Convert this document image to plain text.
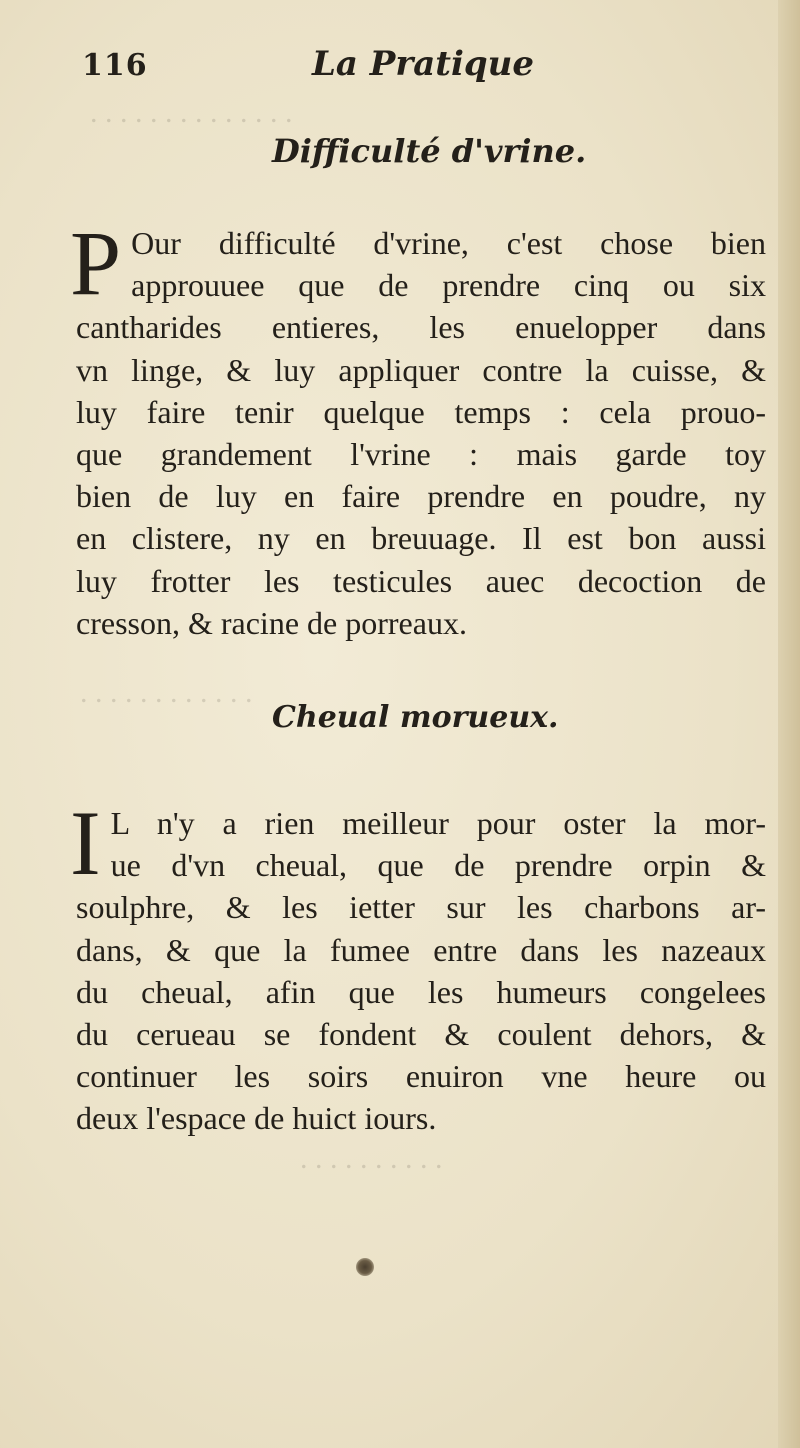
. . . . . . . . . . . . . .
. . . . . . . . . . . .
. . . . . . . . . .
116	La Pratique
Difficulté d'vrine.
P Our difficulté d'vrine, c'est chose bien
approuuee que de prendre cinq ou six
cantharides entieres, les enuelopper dans
vn linge, & luy appliquer contre la cuisse, &
luy faire tenir quelque temps : cela prouo-
que grandement l'vrine : mais garde toy
bien de luy en faire prendre en poudre, ny
en clistere, ny en breuuage. Il est bon aussi
luy frotter les testicules auec decoction de
cresson, & racine de porreaux.
Cheual morueux.
I L n'y a rien meilleur pour oster la mor-
ue d'vn cheual, que de prendre orpin &
soulphre, & les ietter sur les charbons ar-
dans, & que la fumee entre dans les nazeaux
du cheual, afin que les humeurs congelees
du cerueau se fondent & coulent dehors, &
continuer les soirs enuiron vne heure ou
deux l'espace de huict iours.
